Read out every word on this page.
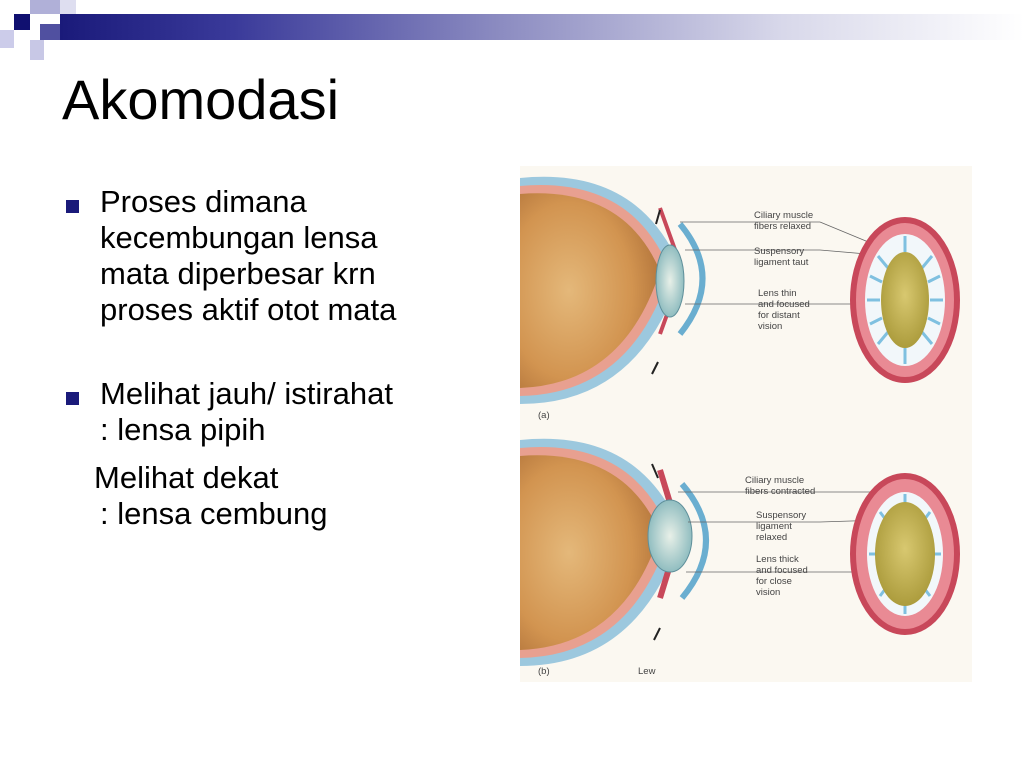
Akomodasi
Proses dimana
kecembungan lensa
mata diperbesar krn
proses aktif otot mata
Melihat jauh/ istirahat
: lensa pipih
Melihat dekat
: lensa cembung
Ciliary muscle
fibers relaxed
Suspensory
ligament taut
Lens thin
and focused
for distant
vision
(a)
Ciliary muscle
fibers contracted
Suspensory
ligament
relaxed
Lens thick
and focused
for close
vision
(b)	Lew
